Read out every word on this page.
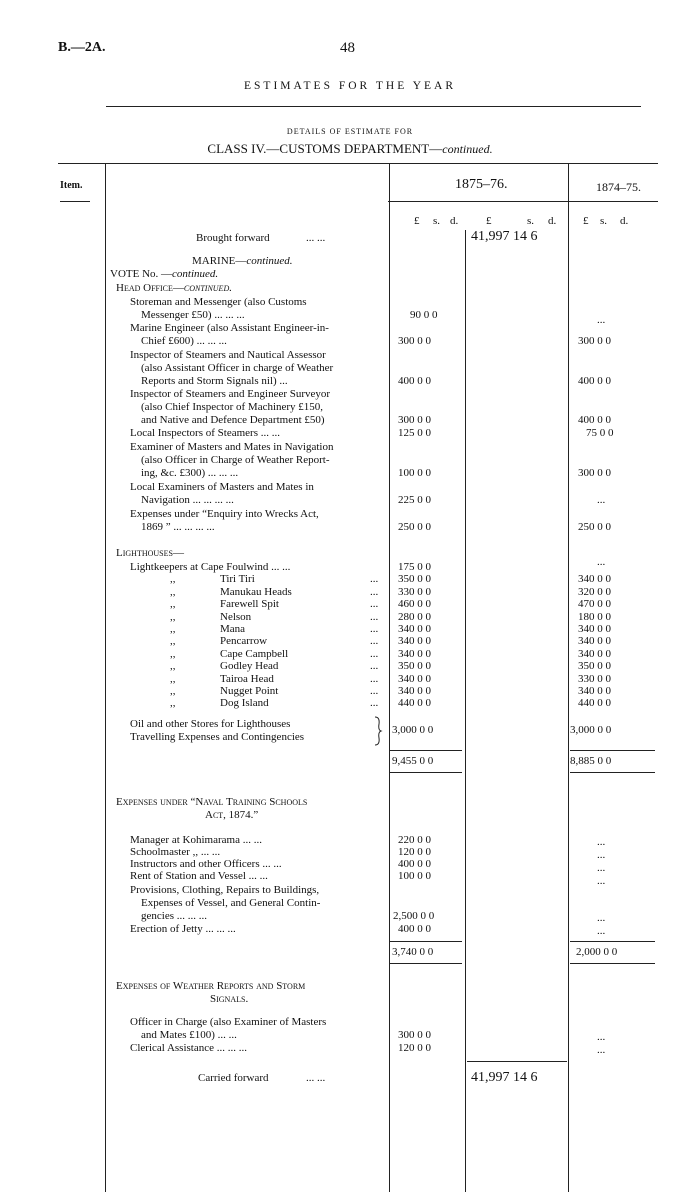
B.—2A.	48
ESTIMATES FOR THE YEAR
DETAILS OF ESTIMATE FOR
CLASS IV.—CUSTOMS DEPARTMENT—continued.
Item.	1875–76.	1874–75.
£ s. d.	£	s. d. £ s. d.
Brought forward	... ...	41,997 14 6
MARINE—continued.
VOTE No. —continued.
Head Office—continued.
Storeman and Messenger (also Customs
Messenger £50) ... ... ...	90 0 0	...
Marine Engineer (also Assistant Engineer-in-
Chief £600) ... ... ...	300 0 0	300 0 0
Inspector of Steamers and Nautical Assessor
(also Assistant Officer in charge of Weather
Reports and Storm Signals nil) ...	400 0 0	400 0 0
Inspector of Steamers and Engineer Surveyor
(also Chief Inspector of Machinery £150,
and Native and Defence Department £50)	300 0 0	400 0 0
Local Inspectors of Steamers ... ...	125 0 0	75 0 0
Examiner of Masters and Mates in Navigation
(also Officer in Charge of Weather Report-
ing, &c. £300) ... ... ...	100 0 0	300 0 0
Local Examiners of Masters and Mates in
Navigation ... ... ... ...	225 0 0	...
Expenses under “Enquiry into Wrecks Act,
1869 ” ... ... ... ...	250 0 0	250 0 0
Lighthouses—
Lightkeepers at Cape Foulwind ... ...	175 0 0	...
,,	Tiri Tiri	... 350 0 0	340 0 0
,,	Manukau Heads	... 330 0 0	320 0 0
,,	Farewell Spit	... 460 0 0	470 0 0
,,	Nelson	... 280 0 0	180 0 0
,,	Mana	... 340 0 0	340 0 0
,,	Pencarrow	... 340 0 0	340 0 0
,,	Cape Campbell	... 340 0 0	340 0 0
,,	Godley Head	... 350 0 0	350 0 0
,,	Tairoa Head	... 340 0 0	330 0 0
,,	Nugget Point	... 340 0 0	340 0 0
,,	Dog Island	... 440 0 0	440 0 0
Oil and other Stores for Lighthouses
Travelling Expenses and Contingencies
3,000 0 0	3,000 0 0
9,455 0 0	8,885 0 0
Expenses under “Naval Training Schools
Act, 1874.”
Manager at Kohimarama ... ...	220 0 0	...
Schoolmaster ,, ... ...	120 0 0	...
Instructors and other Officers ... ...	400 0 0	...
Rent of Station and Vessel ... ...	100 0 0	...
Provisions, Clothing, Repairs to Buildings,
Expenses of Vessel, and General Contin-
gencies ... ... ...	2,500 0 0	...
Erection of Jetty ... ... ...	400 0 0	...
3,740 0 0	2,000 0 0
Expenses of Weather Reports and Storm
Signals.
Officer in Charge (also Examiner of Masters
and Mates £100) ... ...	300 0 0	...
Clerical Assistance ... ... ...	120 0 0	...
Carried forward	... ...	41,997 14 6
